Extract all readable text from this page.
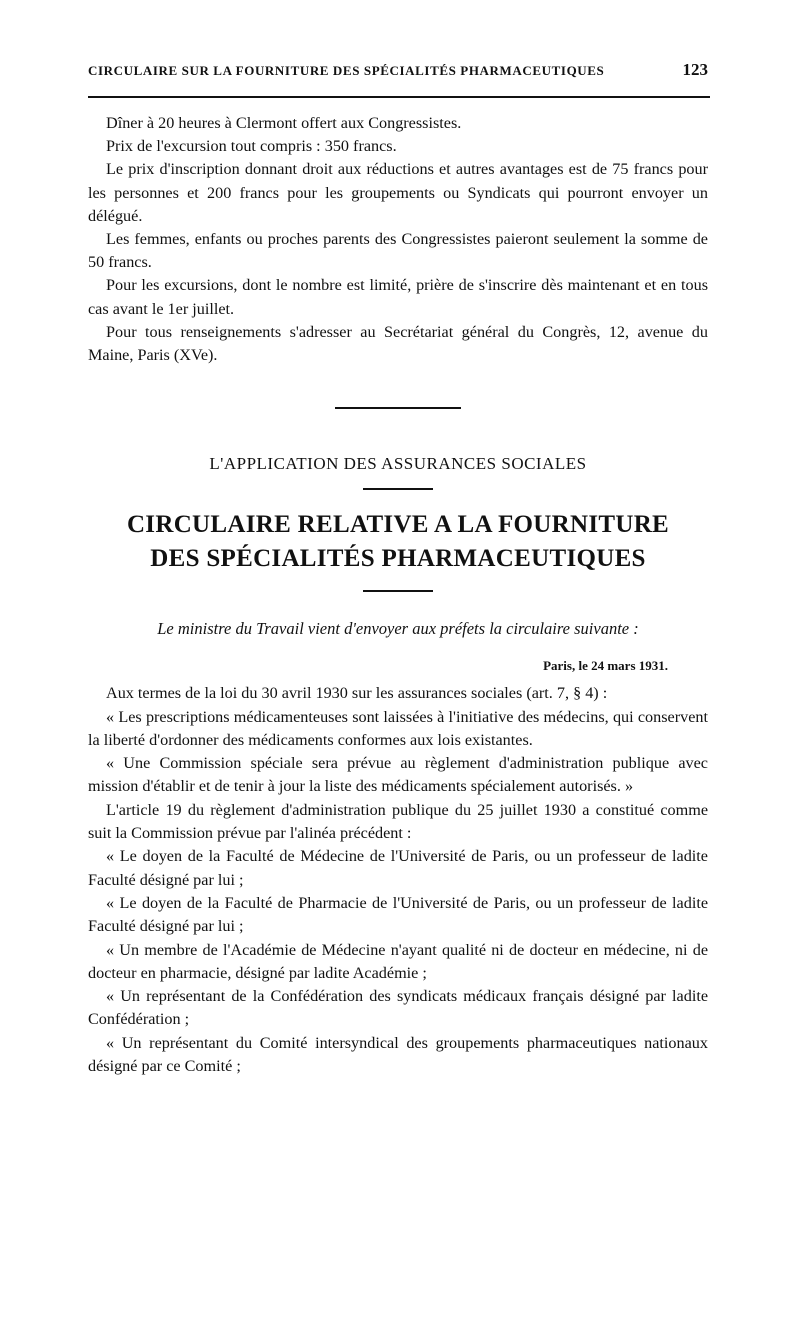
CIRCULAIRE SUR LA FOURNITURE DES SPÉCIALITÉS PHARMACEUTIQUES	123

Dîner à 20 heures à Clermont offert aux Congressistes.

Prix de l'excursion tout compris : 350 francs.

Le prix d'inscription donnant droit aux réductions et autres avantages est de 75 francs pour les personnes et 200 francs pour les groupements ou Syndicats qui pourront envoyer un délégué.

Les femmes, enfants ou proches parents des Congressistes paieront seulement la somme de 50 francs.

Pour les excursions, dont le nombre est limité, prière de s'inscrire dès maintenant et en tous cas avant le 1er juillet.

Pour tous renseignements s'adresser au Secrétariat général du Congrès, 12, avenue du Maine, Paris (XVe).

L'APPLICATION DES ASSURANCES SOCIALES
CIRCULAIRE RELATIVE A LA FOURNITURE
DES SPÉCIALITÉS PHARMACEUTIQUES
Le ministre du Travail vient d'envoyer aux préfets la circulaire suivante :
Paris, le 24 mars 1931.

Aux termes de la loi du 30 avril 1930 sur les assurances sociales (art. 7, § 4) :

« Les prescriptions médicamenteuses sont laissées à l'initiative des médecins, qui conservent la liberté d'ordonner des médicaments conformes aux lois existantes.

« Une Commission spéciale sera prévue au règlement d'administration publique avec mission d'établir et de tenir à jour la liste des médicaments spécialement autorisés. »

L'article 19 du règlement d'administration publique du 25 juillet 1930 a constitué comme suit la Commission prévue par l'alinéa précédent :

« Le doyen de la Faculté de Médecine de l'Université de Paris, ou un professeur de ladite Faculté désigné par lui ;

« Le doyen de la Faculté de Pharmacie de l'Université de Paris, ou un professeur de ladite Faculté désigné par lui ;

« Un membre de l'Académie de Médecine n'ayant qualité ni de docteur en médecine, ni de docteur en pharmacie, désigné par ladite Académie ;

« Un représentant de la Confédération des syndicats médicaux français désigné par ladite Confédération ;

« Un représentant du Comité intersyndical des groupements pharmaceutiques nationaux désigné par ce Comité ;
